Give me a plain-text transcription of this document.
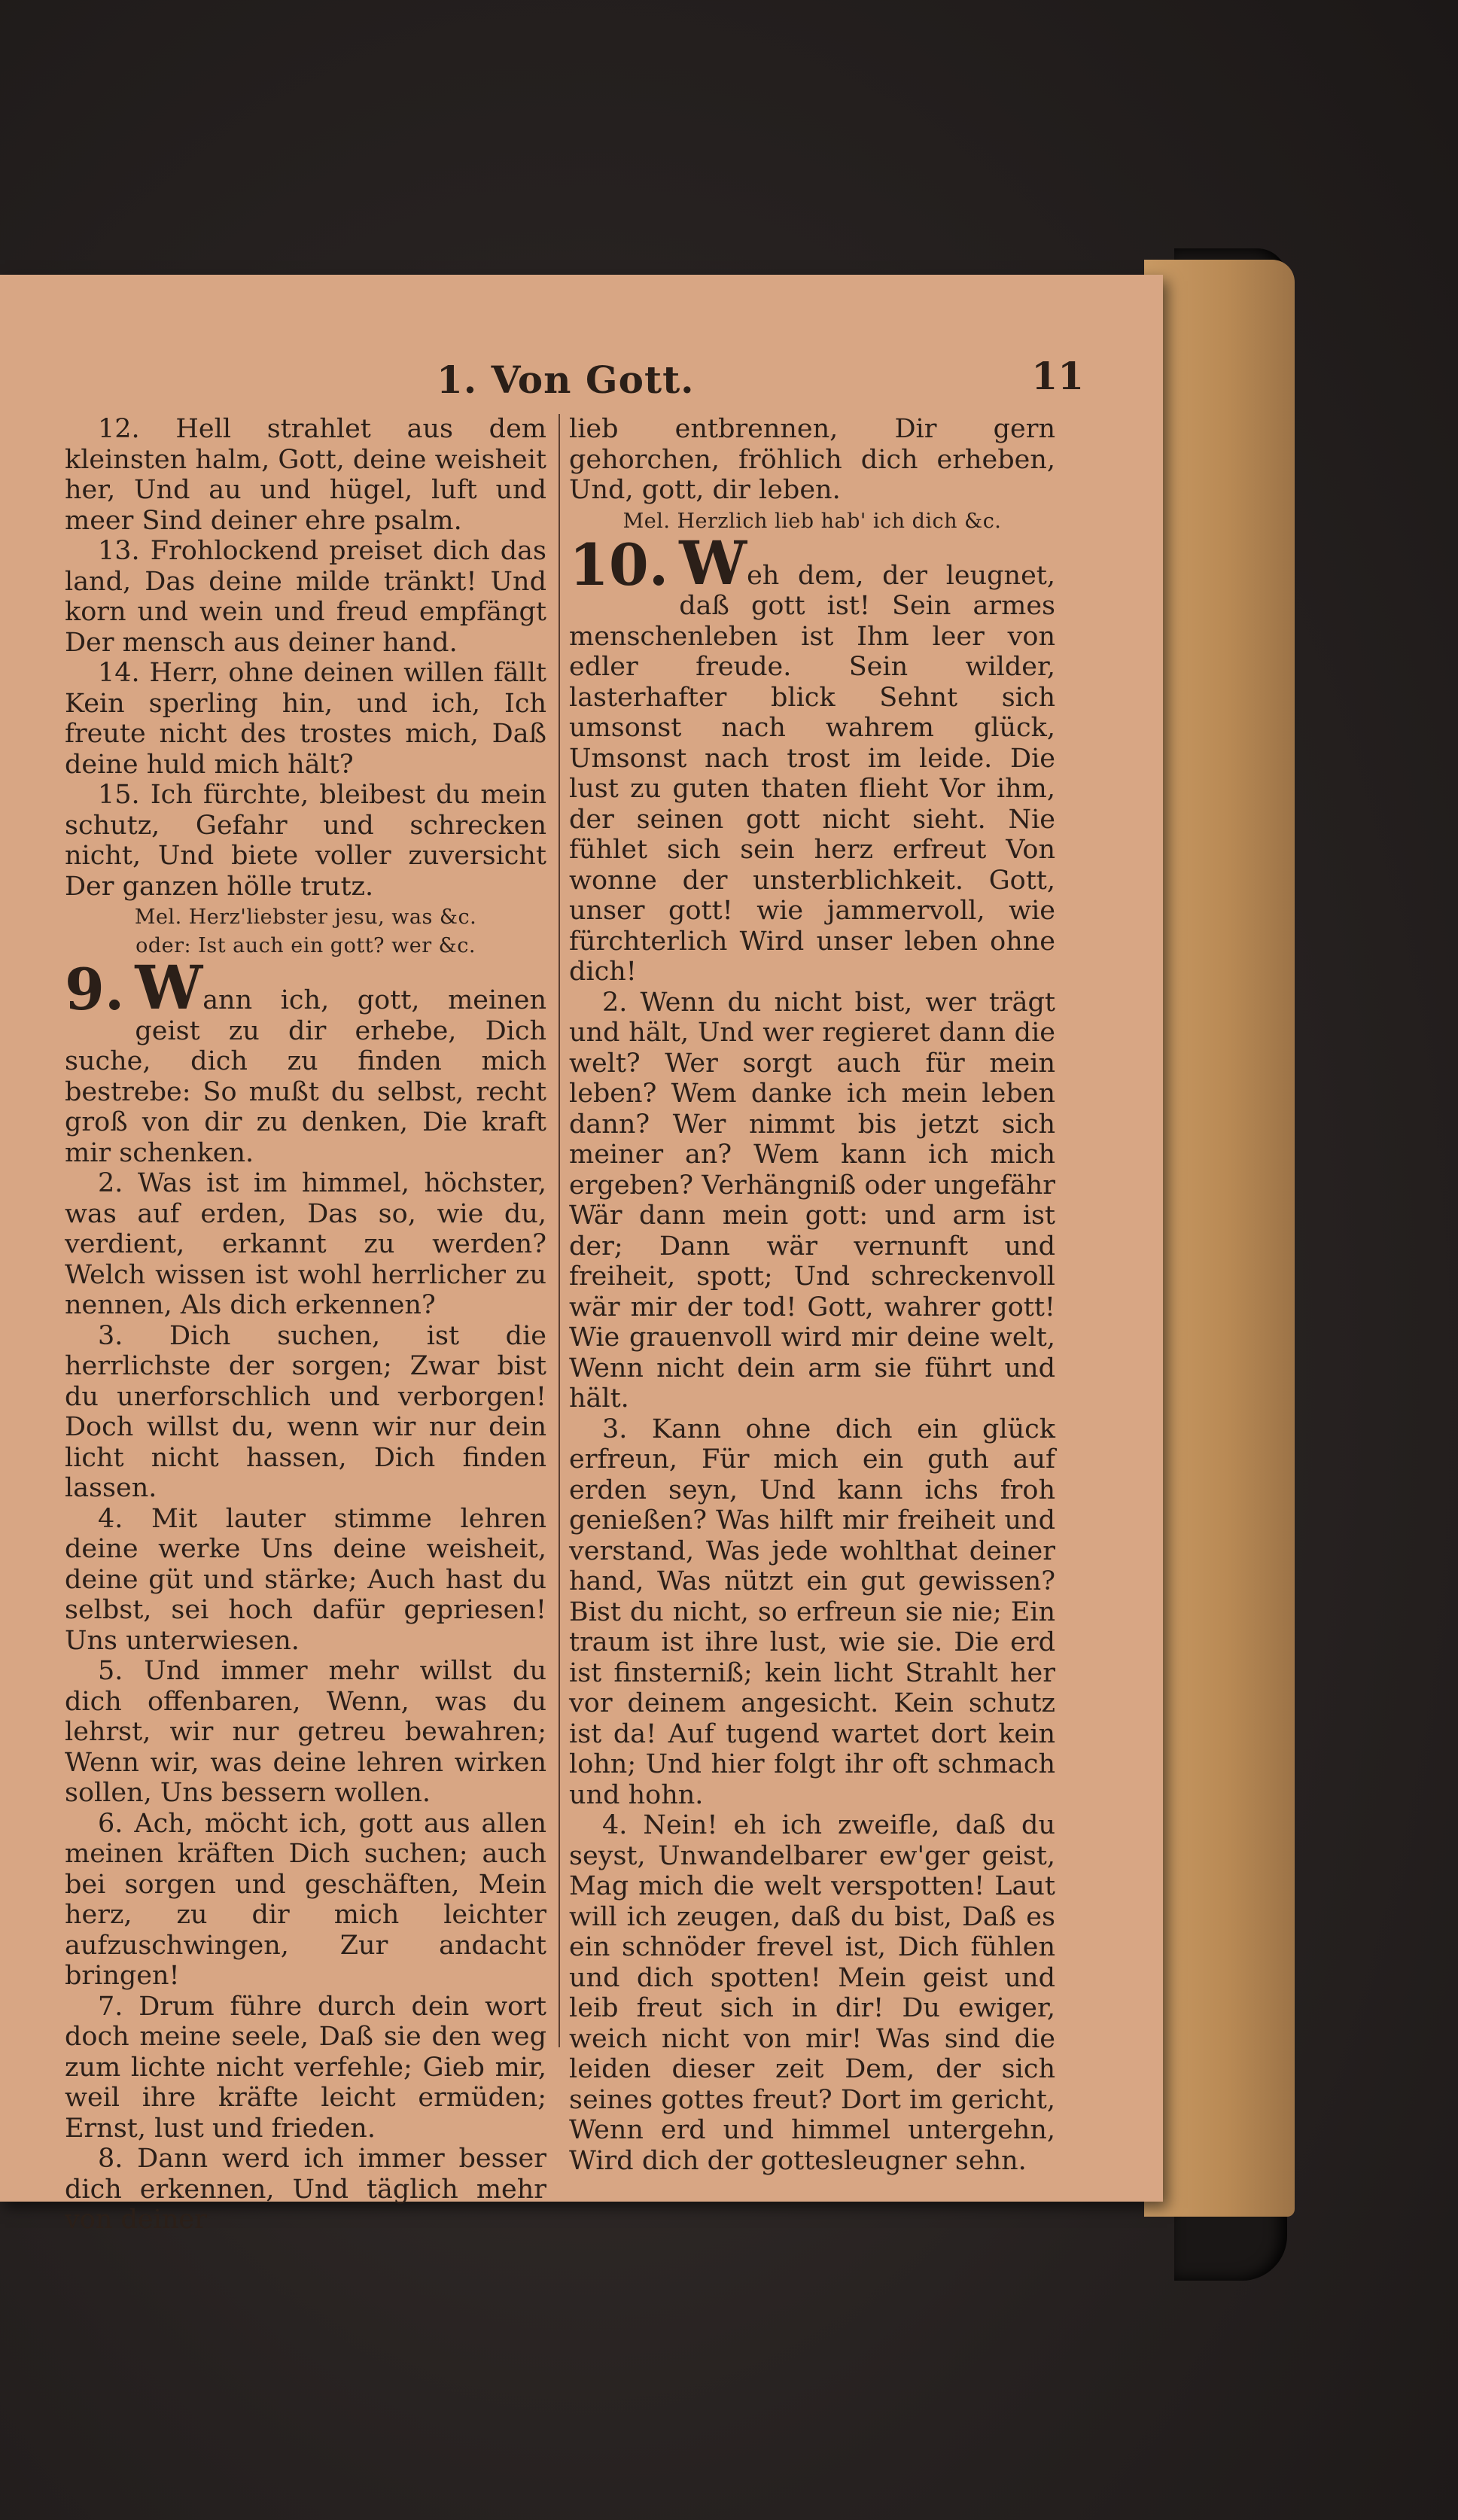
1. Von Gott.	11

12. Hell strahlet aus dem kleinsten halm, Gott, deine weisheit her, Und au und hügel, luft und meer Sind deiner ehre psalm.

13. Frohlockend preiset dich das land, Das deine milde tränkt! Und korn und wein und freud empfängt Der mensch aus deiner hand.

14. Herr, ohne deinen willen fällt Kein sperling hin, und ich, Ich freute nicht des trostes mich, Daß deine huld mich hält?

15. Ich fürchte, bleibest du mein schutz, Gefahr und schrecken nicht, Und biete voller zuversicht Der ganzen hölle trutz.

Mel. Herz'liebster jesu, was &c.

oder: Ist auch ein gott? wer &c.

9. Wann ich, gott, meinen geist zu dir erhebe, Dich suche, dich zu finden mich bestrebe: So mußt du selbst, recht groß von dir zu denken, Die kraft mir schenken.

2. Was ist im himmel, höchster, was auf erden, Das so, wie du, verdient, erkannt zu werden? Welch wissen ist wohl herrlicher zu nennen, Als dich erkennen?

3. Dich suchen, ist die herrlichste der sorgen; Zwar bist du unerforschlich und verborgen! Doch willst du, wenn wir nur dein licht nicht hassen, Dich finden lassen.

4. Mit lauter stimme lehren deine werke Uns deine weisheit, deine güt und stärke; Auch hast du selbst, sei hoch dafür gepriesen! Uns unterwiesen.

5. Und immer mehr willst du dich offenbaren, Wenn, was du lehrst, wir nur getreu bewahren; Wenn wir, was deine lehren wirken sollen, Uns bessern wollen.

6. Ach, möcht ich, gott aus allen meinen kräften Dich suchen; auch bei sorgen und geschäften, Mein herz, zu dir mich leichter aufzuschwingen, Zur andacht bringen!

7. Drum führe durch dein wort doch meine seele, Daß sie den weg zum lichte nicht verfehle; Gieb mir, weil ihre kräfte leicht ermüden; Ernst, lust und frieden.

8. Dann werd ich immer besser dich erkennen, Und täglich mehr von deiner

lieb entbrennen, Dir gern gehorchen, fröhlich dich erheben, Und, gott, dir leben.

Mel. Herzlich lieb hab' ich dich &c.

10. Weh dem, der leugnet, daß gott ist! Sein armes menschenleben ist Ihm leer von edler freude. Sein wilder, lasterhafter blick Sehnt sich umsonst nach wahrem glück, Umsonst nach trost im leide. Die lust zu guten thaten flieht Vor ihm, der seinen gott nicht sieht. Nie fühlet sich sein herz erfreut Von wonne der unsterblichkeit. Gott, unser gott! wie jammervoll, wie fürchterlich Wird unser leben ohne dich!

2. Wenn du nicht bist, wer trägt und hält, Und wer regieret dann die welt? Wer sorgt auch für mein leben? Wem danke ich mein leben dann? Wer nimmt bis jetzt sich meiner an? Wem kann ich mich ergeben? Verhängniß oder ungefähr Wär dann mein gott: und arm ist der; Dann wär vernunft und freiheit, spott; Und schreckenvoll wär mir der tod! Gott, wahrer gott! Wie grauenvoll wird mir deine welt, Wenn nicht dein arm sie führt und hält.

3. Kann ohne dich ein glück erfreun, Für mich ein guth auf erden seyn, Und kann ichs froh genießen? Was hilft mir freiheit und verstand, Was jede wohlthat deiner hand, Was nützt ein gut gewissen? Bist du nicht, so erfreun sie nie; Ein traum ist ihre lust, wie sie. Die erd ist finsterniß; kein licht Strahlt her vor deinem angesicht. Kein schutz ist da! Auf tugend wartet dort kein lohn; Und hier folgt ihr oft schmach und hohn.

4. Nein! eh ich zweifle, daß du seyst, Unwandelbarer ew'ger geist, Mag mich die welt verspotten! Laut will ich zeugen, daß du bist, Daß es ein schnöder frevel ist, Dich fühlen und dich spotten! Mein geist und leib freut sich in dir! Du ewiger, weich nicht von mir! Was sind die leiden dieser zeit Dem, der sich seines gottes freut? Dort im gericht, Wenn erd und himmel untergehn, Wird dich der gottesleugner sehn.
